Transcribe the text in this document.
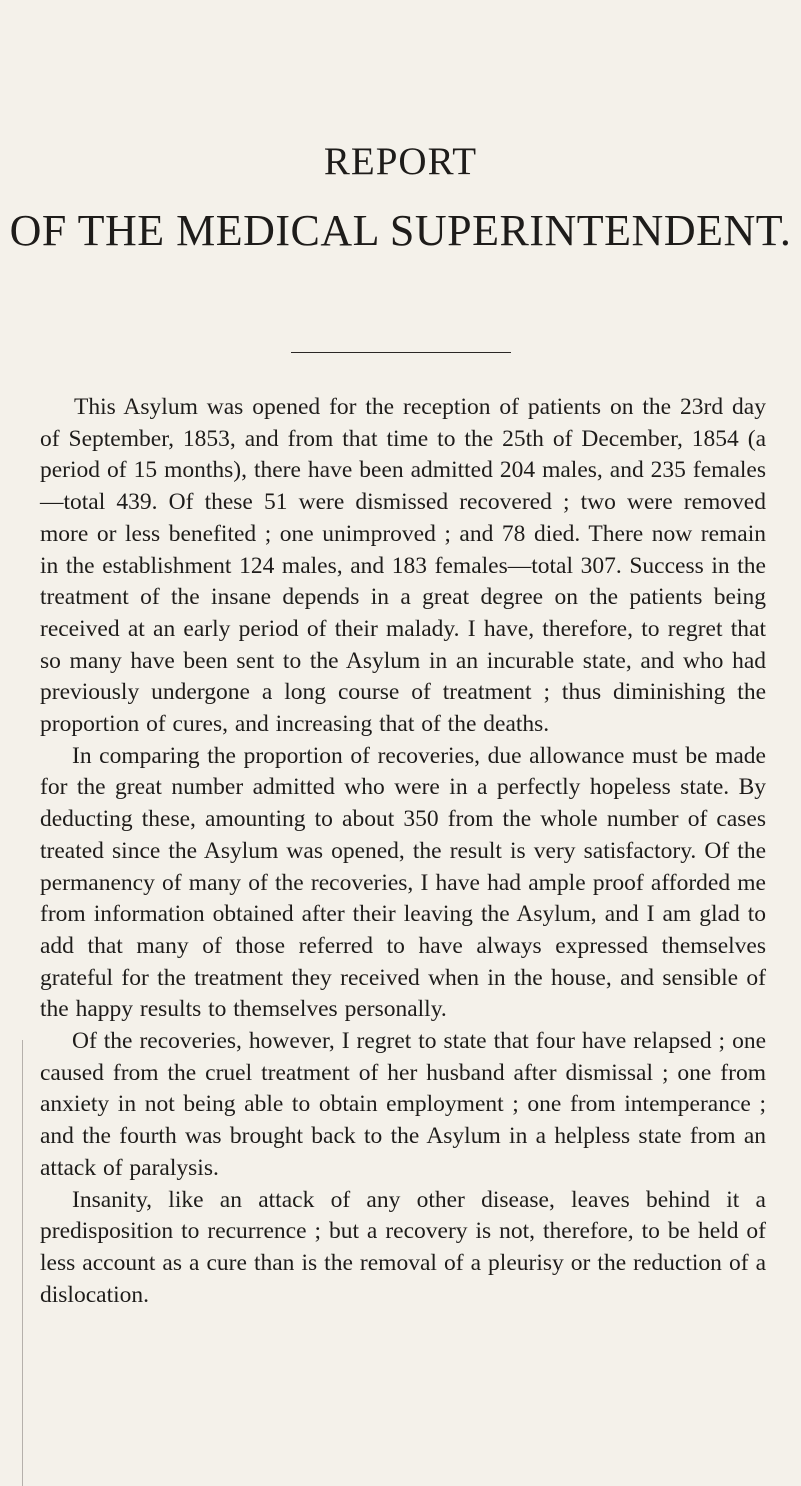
REPORT
OF THE MEDICAL SUPERINTENDENT.

This Asylum was opened for the reception of patients on the 23rd day of September, 1853, and from that time to the 25th of December, 1854 (a period of 15 months), there have been admitted 204 males, and 235 females—total 439. Of these 51 were dismissed recovered ; two were removed more or less benefited ; one unimproved ; and 78 died. There now remain in the establishment 124 males, and 183 females—total 307. Success in the treatment of the insane depends in a great degree on the patients being received at an early period of their malady. I have, therefore, to regret that so many have been sent to the Asylum in an incurable state, and who had previously undergone a long course of treatment ; thus diminishing the proportion of cures, and increasing that of the deaths.

In comparing the proportion of recoveries, due allowance must be made for the great number admitted who were in a perfectly hopeless state. By deducting these, amounting to about 350 from the whole number of cases treated since the Asylum was opened, the result is very satisfactory. Of the permanency of many of the recoveries, I have had ample proof afforded me from information obtained after their leaving the Asylum, and I am glad to add that many of those referred to have always expressed themselves grateful for the treatment they received when in the house, and sensible of the happy results to themselves personally.

Of the recoveries, however, I regret to state that four have relapsed ; one caused from the cruel treatment of her husband after dismissal ; one from anxiety in not being able to obtain employment ; one from intemperance ; and the fourth was brought back to the Asylum in a helpless state from an attack of paralysis.

Insanity, like an attack of any other disease, leaves behind it a predisposition to recurrence ; but a recovery is not, therefore, to be held of less account as a cure than is the removal of a pleurisy or the reduction of a dislocation.
